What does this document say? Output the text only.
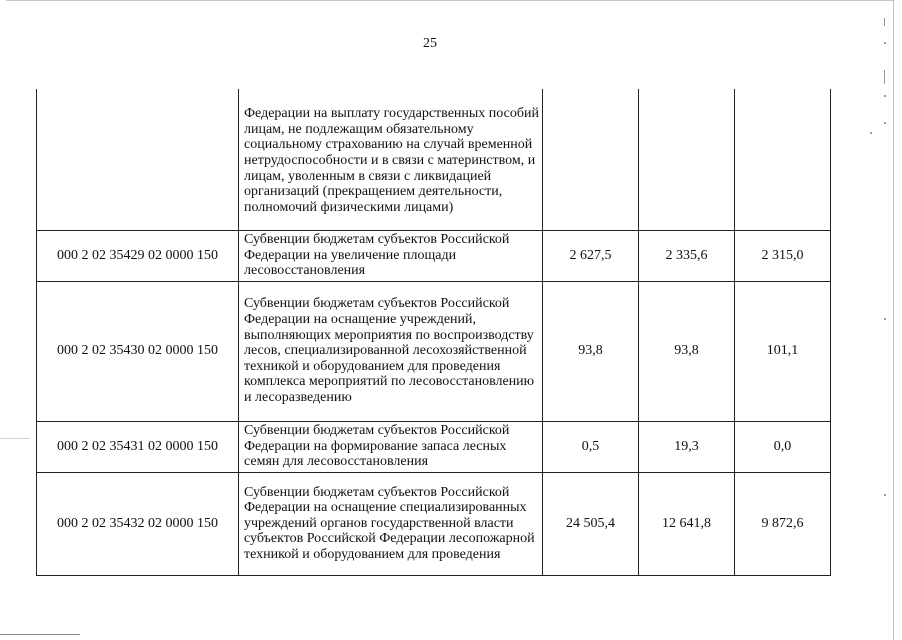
25
	Федерации на выплату государственных пособий лицам, не подлежащим обязательному социальному страхованию на случай временной нетрудоспособности и в связи с материнством, и лицам, уволенным в связи с ликвидацией организаций (прекращением деятельности, полномочий физическими лицами)			
000 2 02 35429 02 0000 150	Субвенции бюджетам субъектов Российской Федерации на увеличение площади лесовосстановления	2 627,5	2 335,6	2 315,0
000 2 02 35430 02 0000 150	Субвенции бюджетам субъектов Российской Федерации на оснащение учреждений, выполняющих мероприятия по воспроизводству лесов, специализированной лесохозяйственной техникой и оборудованием для проведения комплекса мероприятий по лесовосстановлению и лесоразведению	93,8	93,8	101,1
000 2 02 35431 02 0000 150	Субвенции бюджетам субъектов Российской Федерации на формирование запаса лесных семян для лесовосстановления	0,5	19,3	0,0
000 2 02 35432 02 0000 150	Субвенции бюджетам субъектов Российской Федерации на оснащение специализированных учреждений органов государственной власти субъектов Российской Федерации лесопожарной техникой и оборудованием для проведения	24 505,4	12 641,8	9 872,6
